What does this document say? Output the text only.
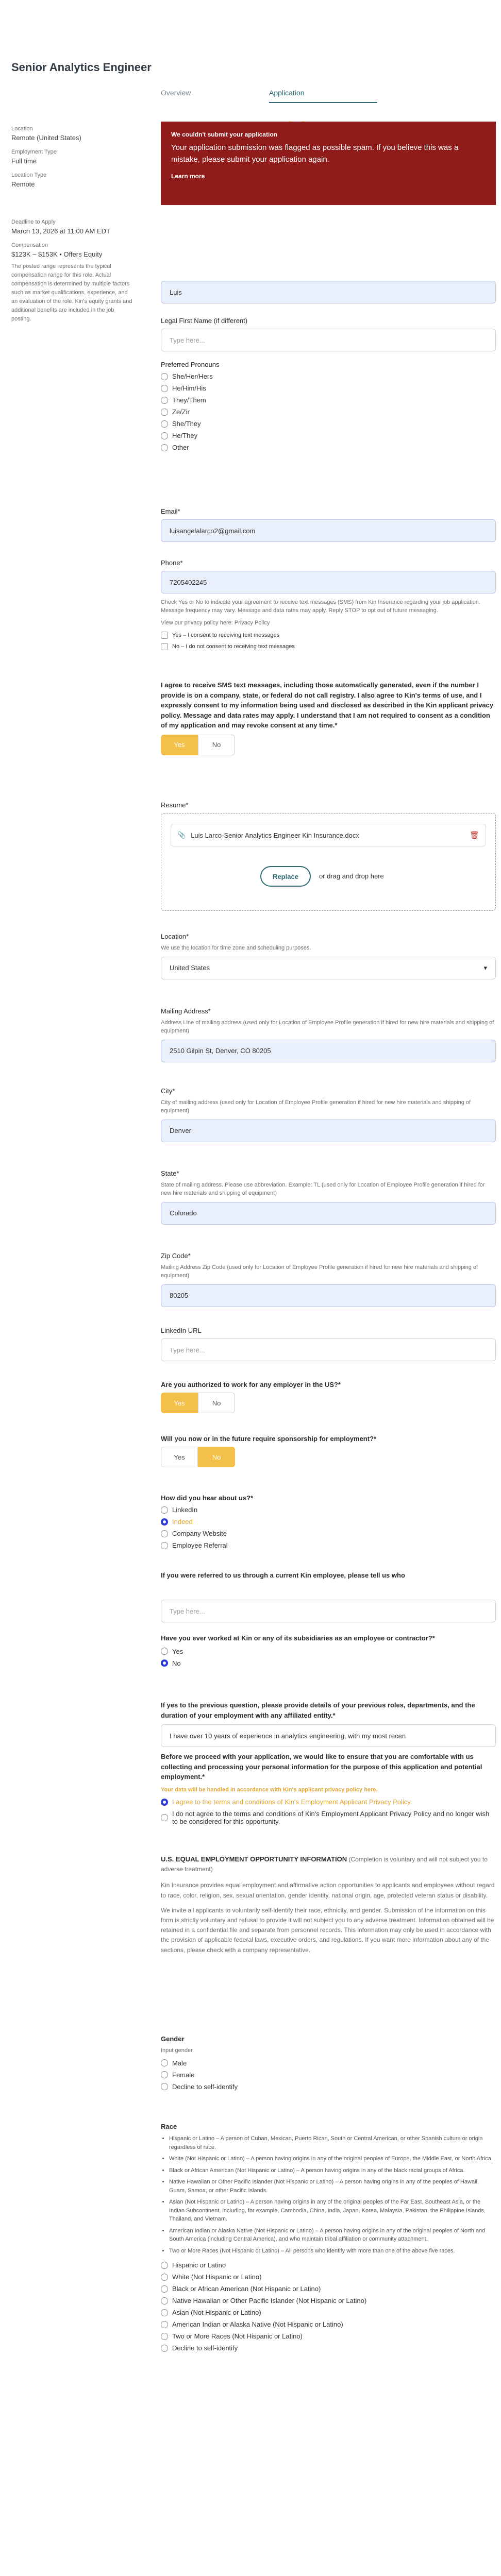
Senior Analytics Engineer
Overview	Application
Location
Remote (United States)
Employment Type
Full time
Location Type
Remote
Deadline to Apply
March 13, 2026 at 11:00 AM EDT
Compensation
$123K – $153K • Offers Equity
The posted range represents the typical compensation range for this role. Actual compensation is determined by multiple factors such as market qualifications, experience, and an evaluation of the role. Kin's equity grants and additional benefits are included in the job posting.
We couldn't submit your application
Your application submission was flagged as possible spam. If you believe this was a mistake, please submit your application again.
Learn more
Luis
Legal First Name (if different)
Type here...
Preferred Pronouns
She/Her/Hers
He/Him/His
They/Them
Ze/Zir
She/They
He/They
Other
Email*
luisangelalarco2@gmail.com
Phone*
7205402245
Check Yes or No to indicate your agreement to receive text messages (SMS) from Kin Insurance regarding your job application. Message frequency may vary. Message and data rates may apply. Reply STOP to opt out of future messaging.
View our privacy policy here: Privacy Policy
Yes – I consent to receiving text messages
No – I do not consent to receiving text messages
I agree to receive SMS text messages, including those automatically generated, even if the number I provide is on a company, state, or federal do not call registry. I also agree to Kin's terms of use, and I expressly consent to my information being used and disclosed as described in the Kin applicant privacy policy. Message and data rates may apply. I understand that I am not required to consent as a condition of my application and may revoke consent at any time.*
Yes	No
Resume*
📎 Luis Larco-Senior Analytics Engineer Kin Insurance.docx	🗑
Replace	or drag and drop here
Location*
We use the location for time zone and scheduling purposes.
United States	▾
Mailing Address*
Address Line of mailing address (used only for Location of Employee Profile generation if hired for new hire materials and shipping of equipment)
2510 Gilpin St, Denver, CO 80205
City*
City of mailing address (used only for Location of Employee Profile generation if hired for new hire materials and shipping of equipment)
Denver
State*
State of mailing address. Please use abbreviation. Example: TL (used only for Location of Employee Profile generation if hired for new hire materials and shipping of equipment)
Colorado
Zip Code*
Mailing Address Zip Code (used only for Location of Employee Profile generation if hired for new hire materials and shipping of equipment)
80205
LinkedIn URL
Type here...
Are you authorized to work for any employer in the US?*
Yes	No
Will you now or in the future require sponsorship for employment?*
Yes	No
How did you hear about us?*
LinkedIn
Indeed
Company Website
Employee Referral
If you were referred to us through a current Kin employee, please tell us who
Type here...
Have you ever worked at Kin or any of its subsidiaries as an employee or contractor?*
Yes
No
If yes to the previous question, please provide details of your previous roles, departments, and the duration of your employment with any affiliated entity.*
I have over 10 years of experience in analytics engineering, with my most recen
Before we proceed with your application, we would like to ensure that you are comfortable with us collecting and processing your personal information for the purpose of this application and potential employment.*
Your data will be handled in accordance with Kin's applicant privacy policy here.
I agree to the terms and conditions of Kin's Employment Applicant Privacy Policy
I do not agree to the terms and conditions of Kin's Employment Applicant Privacy Policy and no longer wish to be considered for this opportunity.
U.S. EQUAL EMPLOYMENT OPPORTUNITY INFORMATION (Completion is voluntary and will not subject you to adverse treatment)

Kin Insurance provides equal employment and affirmative action opportunities to applicants and employees without regard to race, color, religion, sex, sexual orientation, gender identity, national origin, age, protected veteran status or disability.

We invite all applicants to voluntarily self-identify their race, ethnicity, and gender. Submission of the information on this form is strictly voluntary and refusal to provide it will not subject you to any adverse treatment. Information obtained will be retained in a confidential file and separate from personnel records. This information may only be used in accordance with the provision of applicable federal laws, executive orders, and regulations. If you want more information about any of the sections, please check with a company representative.

Gender
Input gender
Male
Female
Decline to self-identify
Race
• Hispanic or Latino – A person of Cuban, Mexican, Puerto Rican, South or Central American, or other Spanish culture or origin regardless of race.
• White (Not Hispanic or Latino) – A person having origins in any of the original peoples of Europe, the Middle East, or North Africa.
• Black or African American (Not Hispanic or Latino) – A person having origins in any of the black racial groups of Africa.
• Native Hawaiian or Other Pacific Islander (Not Hispanic or Latino) – A person having origins in any of the peoples of Hawaii, Guam, Samoa, or other Pacific Islands.
• Asian (Not Hispanic or Latino) – A person having origins in any of the original peoples of the Far East, Southeast Asia, or the Indian Subcontinent, including, for example, Cambodia, China, India, Japan, Korea, Malaysia, Pakistan, the Philippine Islands, Thailand, and Vietnam.
• American Indian or Alaska Native (Not Hispanic or Latino) – A person having origins in any of the original peoples of North and South America (including Central America), and who maintain tribal affiliation or community attachment.
• Two or More Races (Not Hispanic or Latino) – All persons who identify with more than one of the above five races.
Hispanic or Latino
White (Not Hispanic or Latino)
Black or African American (Not Hispanic or Latino)
Native Hawaiian or Other Pacific Islander (Not Hispanic or Latino)
Asian (Not Hispanic or Latino)
American Indian or Alaska Native (Not Hispanic or Latino)
Two or More Races (Not Hispanic or Latino)
Decline to self-identify
